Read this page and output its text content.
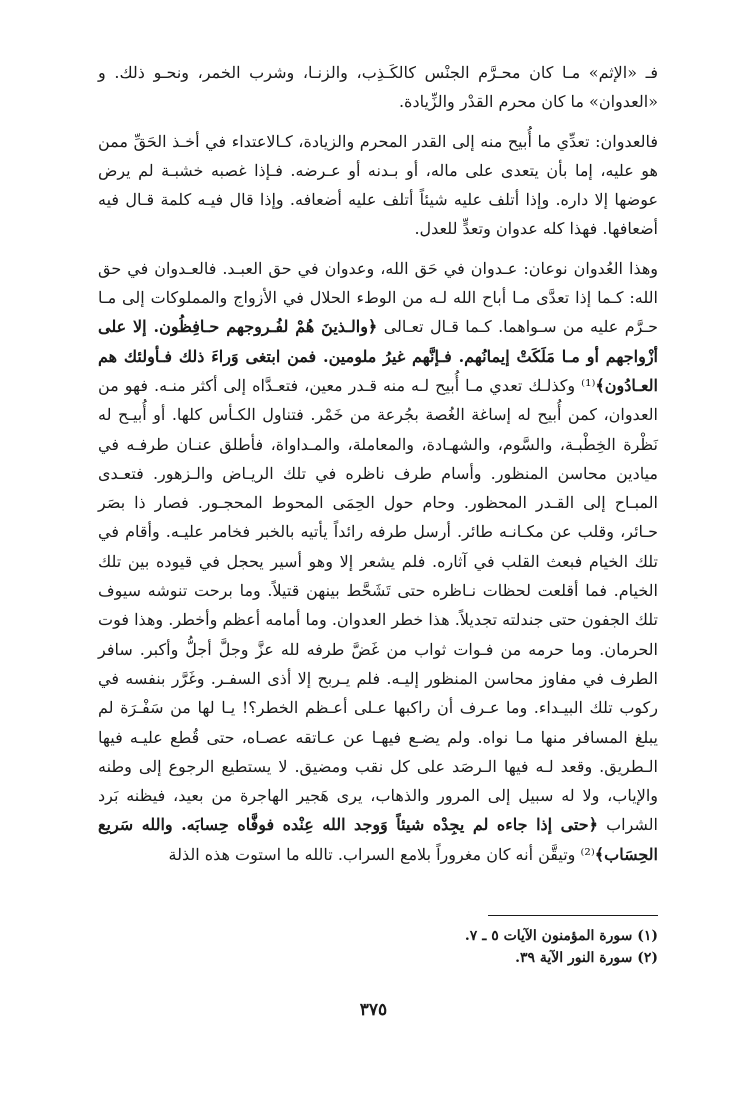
فـ «الإثم» مـا كان محـرَّم الجنْس كالكَـذِب، والزنـا، وشرب الخمر، ونحـو ذلك. و «العدوان» ما كان محرم القدْر والزِّيادة.

فالعدوان: تعدِّي ما أُبيح منه إلى القدر المحرم والزيادة، كـالاعتداء في أخـذ الحَقِّ ممن هو عليه، إما بأن يتعدى على ماله، أو بـدنه أو عـرضه. فـإذا غصبه خشبـة لم يرض عوضها إلا داره. وإذا أتلف عليه شيئاً أتلف عليه أضعافه. وإذا قال فيـه كلمة قـال فيه أضعافها. فهذا كله عدوان وتعدٍّ للعدل.

وهذا العُدوان نوعان: عـدوان في حَق الله، وعدوان في حق العبـد. فالعـدوان في حق الله: كـما إذا تعدَّى مـا أباح الله لـه من الوطء الحلال في الأزواج والمملوكات إلى مـا حـرَّم عليه من سـواهما. كـما قـال تعـالى ﴿والـذينَ هُمْ لفُـروجهم حـافِظُون. إلا على أزْواجهم أو مـا مَلَكَتْ إيمانُهم. فـإنَّهم غيرُ ملومين. فمن ابتغى وَراءَ ذلك فـأولئك هم العـادُون﴾⁽¹⁾ وكذلـك تعدي مـا أُبيح لـه منه قـدر معين، فتعـدَّاه إلى أكثر منـه. فهو من العدوان، كمن أُبيح له إساغة الغُصة بجُرعة من خَمْر. فتناول الكـأس كلها. أو أُبيـح له نَظْرة الخِطْبـة، والسَّوم، والشهـادة، والمعاملة، والمـداواة، فأطلق عنـان طرفـه في ميادين محاسن المنظور. وأسام طرف ناظره في تلك الريـاض والـزهور. فتعـدى المبـاح إلى القـدر المحظور. وحام حول الحِمَى المحوط المحجـور. فصار ذا بصَر حـائر، وقلب عن مكـانـه طائر. أرسل طرفه رائداً يأتيه بالخبر فخامر عليـه. وأقام في تلك الخيام فبعث القلب في آثاره. فلم يشعر إلا وهو أسير يحجل في قيوده بين تلك الخيام. فما أقلعت لحظات نـاظره حتى تَشَحَّط بينهن قتيلاً. وما برحت تنوشه سيوف تلك الجفون حتى جندلته تجديلاً. هذا خطر العدوان. وما أمامه أعظم وأخطر. وهذا فوت الحرمان. وما حرمه من فـوات ثواب من غَضَّ طرفه لله عزَّ وجلَّ أجلُّ وأكبر. سافر الطرف في مفاوز محاسن المنظور إليـه. فلم يـربح إلا أذى السفـر. وغَرَّر بنفسه في ركوب تلك البيـداء. وما عـرف أن راكبها عـلى أعـظم الخطر؟! يـا لها من سَفْـرَة لم يبلغ المسافر منها مـا نواه. ولم يضـع فيهـا عن عـاتقه عصـاه، حتى قُطع عليـه فيها الـطريق. وقعد لـه فيها الـرصَد على كل نقب ومضيق. لا يستطيع الرجوع إلى وطنه والإياب، ولا له سبيل إلى المرور والذهاب، يرى هَجير الهاجرة من بعيد، فيظنه بَرد الشراب ﴿حتى إذا جاءه لم يجِدْه شيئاً وَوجد الله عِنْده فوفَّاه حِسابَه. والله سَريع الحِسَاب﴾⁽²⁾ وتيقَّن أنه كان مغروراً بلامع السراب. تالله ما استوت هذه الذلة

(١) سورة المؤمنون الآيات ٥ ـ ٧.
(٢) سورة النور الآية ٣٩.
٣٧٥
